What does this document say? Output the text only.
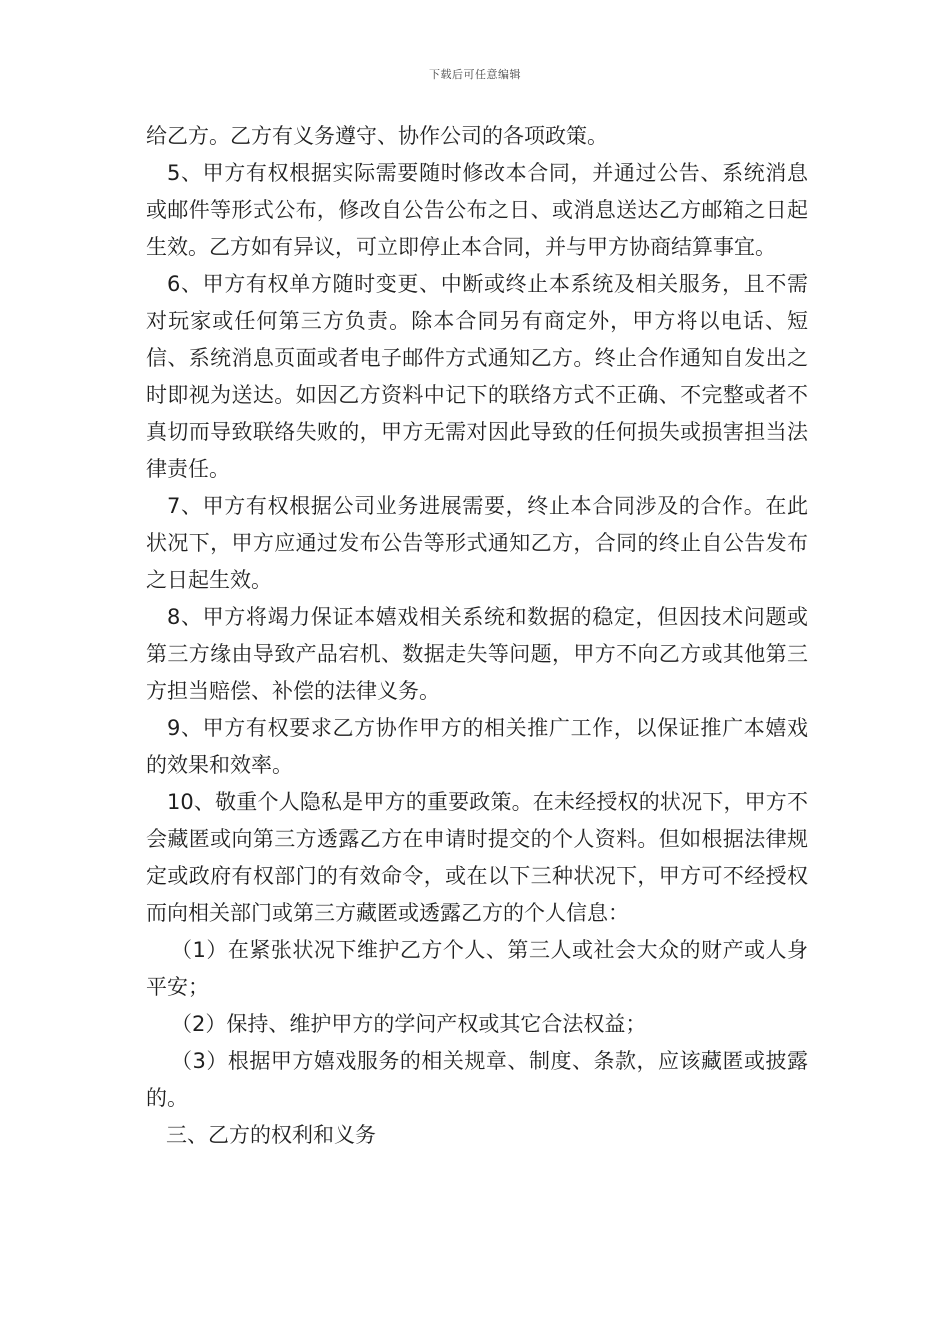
下载后可任意编辑

给乙方。乙方有义务遵守、协作公司的各项政策。

5、甲方有权根据实际需要随时修改本合同，并通过公告、系统消息或邮件等形式公布，修改自公告公布之日、或消息送达乙方邮箱之日起生效。乙方如有异议，可立即停止本合同，并与甲方协商结算事宜。

6、甲方有权单方随时变更、中断或终止本系统及相关服务，且不需对玩家或任何第三方负责。除本合同另有商定外，甲方将以电话、短信、系统消息页面或者电子邮件方式通知乙方。终止合作通知自发出之时即视为送达。如因乙方资料中记下的联络方式不正确、不完整或者不真切而导致联络失败的，甲方无需对因此导致的任何损失或损害担当法律责任。

7、甲方有权根据公司业务进展需要，终止本合同涉及的合作。在此状况下，甲方应通过发布公告等形式通知乙方，合同的终止自公告发布之日起生效。

8、甲方将竭力保证本嬉戏相关系统和数据的稳定，但因技术问题或第三方缘由导致产品宕机、数据走失等问题，甲方不向乙方或其他第三方担当赔偿、补偿的法律义务。

9、甲方有权要求乙方协作甲方的相关推广工作，以保证推广本嬉戏的效果和效率。

10、敬重个人隐私是甲方的重要政策。在未经授权的状况下，甲方不会藏匿或向第三方透露乙方在申请时提交的个人资料。但如根据法律规定或政府有权部门的有效命令，或在以下三种状况下，甲方可不经授权而向相关部门或第三方藏匿或透露乙方的个人信息：

（1）在紧张状况下维护乙方个人、第三人或社会大众的财产或人身平安；

（2）保持、维护甲方的学问产权或其它合法权益；

（3）根据甲方嬉戏服务的相关规章、制度、条款，应该藏匿或披露的。

三、乙方的权利和义务
